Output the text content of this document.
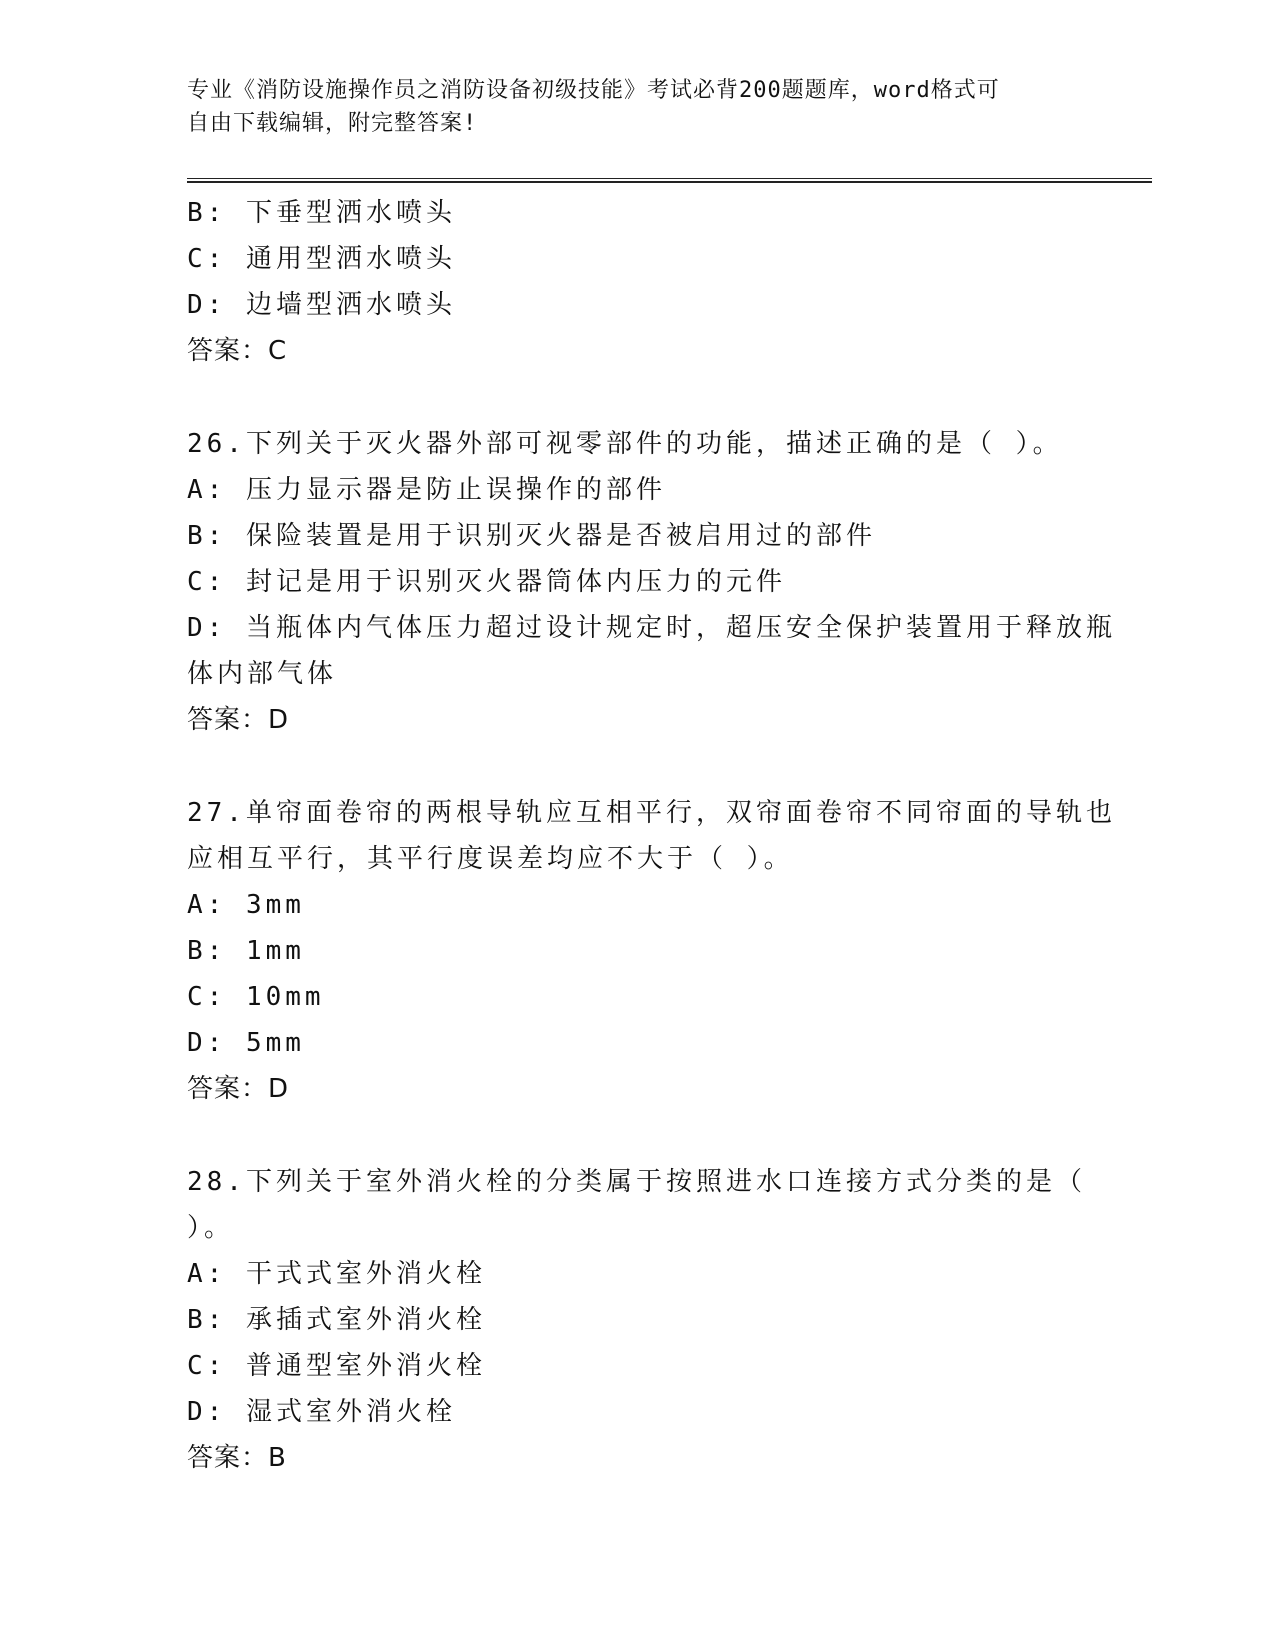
专业《消防设施操作员之消防设备初级技能》考试必背200题题库，word格式可
自由下载编辑，附完整答案!
B: 下垂型洒水喷头
C: 通用型洒水喷头
D: 边墙型洒水喷头
答案：C
26.下列关于灭火器外部可视零部件的功能，描述正确的是（ ）。
A: 压力显示器是防止误操作的部件
B: 保险装置是用于识别灭火器是否被启用过的部件
C: 封记是用于识别灭火器筒体内压力的元件
D: 当瓶体内气体压力超过设计规定时，超压安全保护装置用于释放瓶
体内部气体
答案：D
27.单帘面卷帘的两根导轨应互相平行，双帘面卷帘不同帘面的导轨也
应相互平行，其平行度误差均应不大于（ ）。
A: 3mm
B: 1mm
C: 10mm
D: 5mm
答案：D
28.下列关于室外消火栓的分类属于按照进水口连接方式分类的是（
）。
A: 干式式室外消火栓
B: 承插式室外消火栓
C: 普通型室外消火栓
D: 湿式室外消火栓
答案：B
